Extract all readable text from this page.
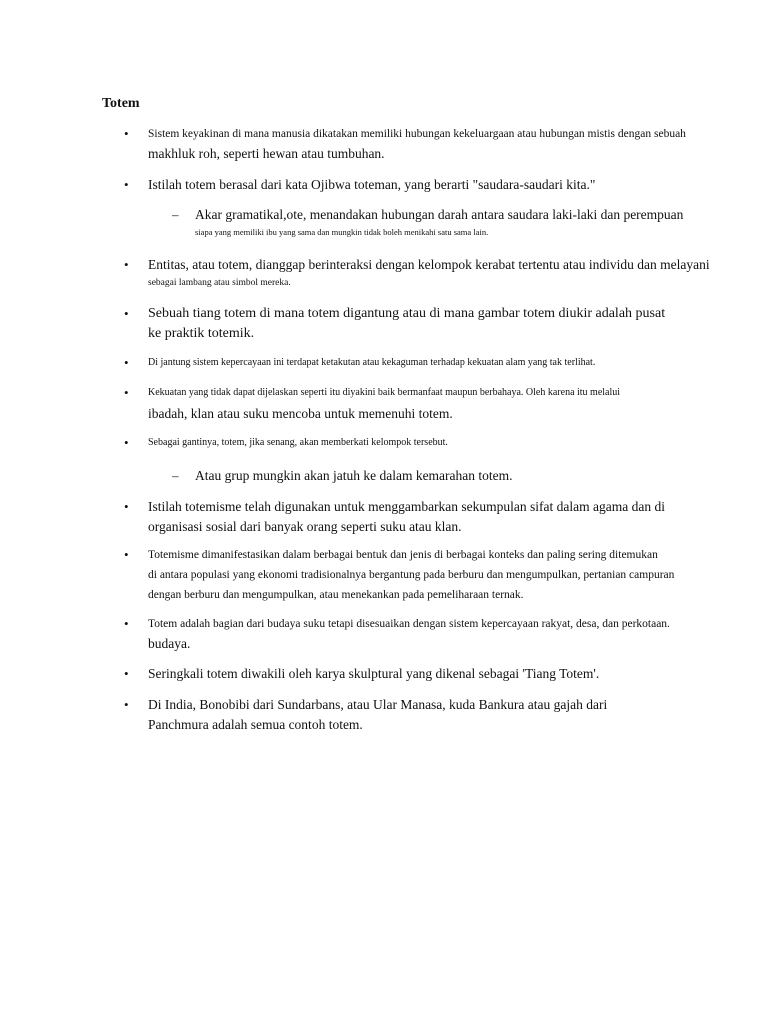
Totem
• Sistem keyakinan di mana manusia dikatakan memiliki hubungan kekeluargaan atau hubungan mistis dengan sebuah
makhluk roh, seperti hewan atau tumbuhan.
• Istilah totem berasal dari kata Ojibwa toteman, yang berarti "saudara-saudari kita."
– Akar gramatikal,ote, menandakan hubungan darah antara saudara laki-laki dan perempuan
siapa yang memiliki ibu yang sama dan mungkin tidak boleh menikahi satu sama lain.
• Entitas, atau totem, dianggap berinteraksi dengan kelompok kerabat tertentu atau individu dan melayani
sebagai lambang atau simbol mereka.
• Sebuah tiang totem di mana totem digantung atau di mana gambar totem diukir adalah pusat
ke praktik totemik.
• Di jantung sistem kepercayaan ini terdapat ketakutan atau kekaguman terhadap kekuatan alam yang tak terlihat.
• Kekuatan yang tidak dapat dijelaskan seperti itu diyakini baik bermanfaat maupun berbahaya. Oleh karena itu melalui
ibadah, klan atau suku mencoba untuk memenuhi totem.
• Sebagai gantinya, totem, jika senang, akan memberkati kelompok tersebut.
– Atau grup mungkin akan jatuh ke dalam kemarahan totem.
• Istilah totemisme telah digunakan untuk menggambarkan sekumpulan sifat dalam agama dan di
organisasi sosial dari banyak orang seperti suku atau klan.
• Totemisme dimanifestasikan dalam berbagai bentuk dan jenis di berbagai konteks dan paling sering ditemukan
di antara populasi yang ekonomi tradisionalnya bergantung pada berburu dan mengumpulkan, pertanian campuran
dengan berburu dan mengumpulkan, atau menekankan pada pemeliharaan ternak.
• Totem adalah bagian dari budaya suku tetapi disesuaikan dengan sistem kepercayaan rakyat, desa, dan perkotaan.
budaya.
• Seringkali totem diwakili oleh karya skulptural yang dikenal sebagai 'Tiang Totem'.
• Di India, Bonobibi dari Sundarbans, atau Ular Manasa, kuda Bankura atau gajah dari
Panchmura adalah semua contoh totem.
